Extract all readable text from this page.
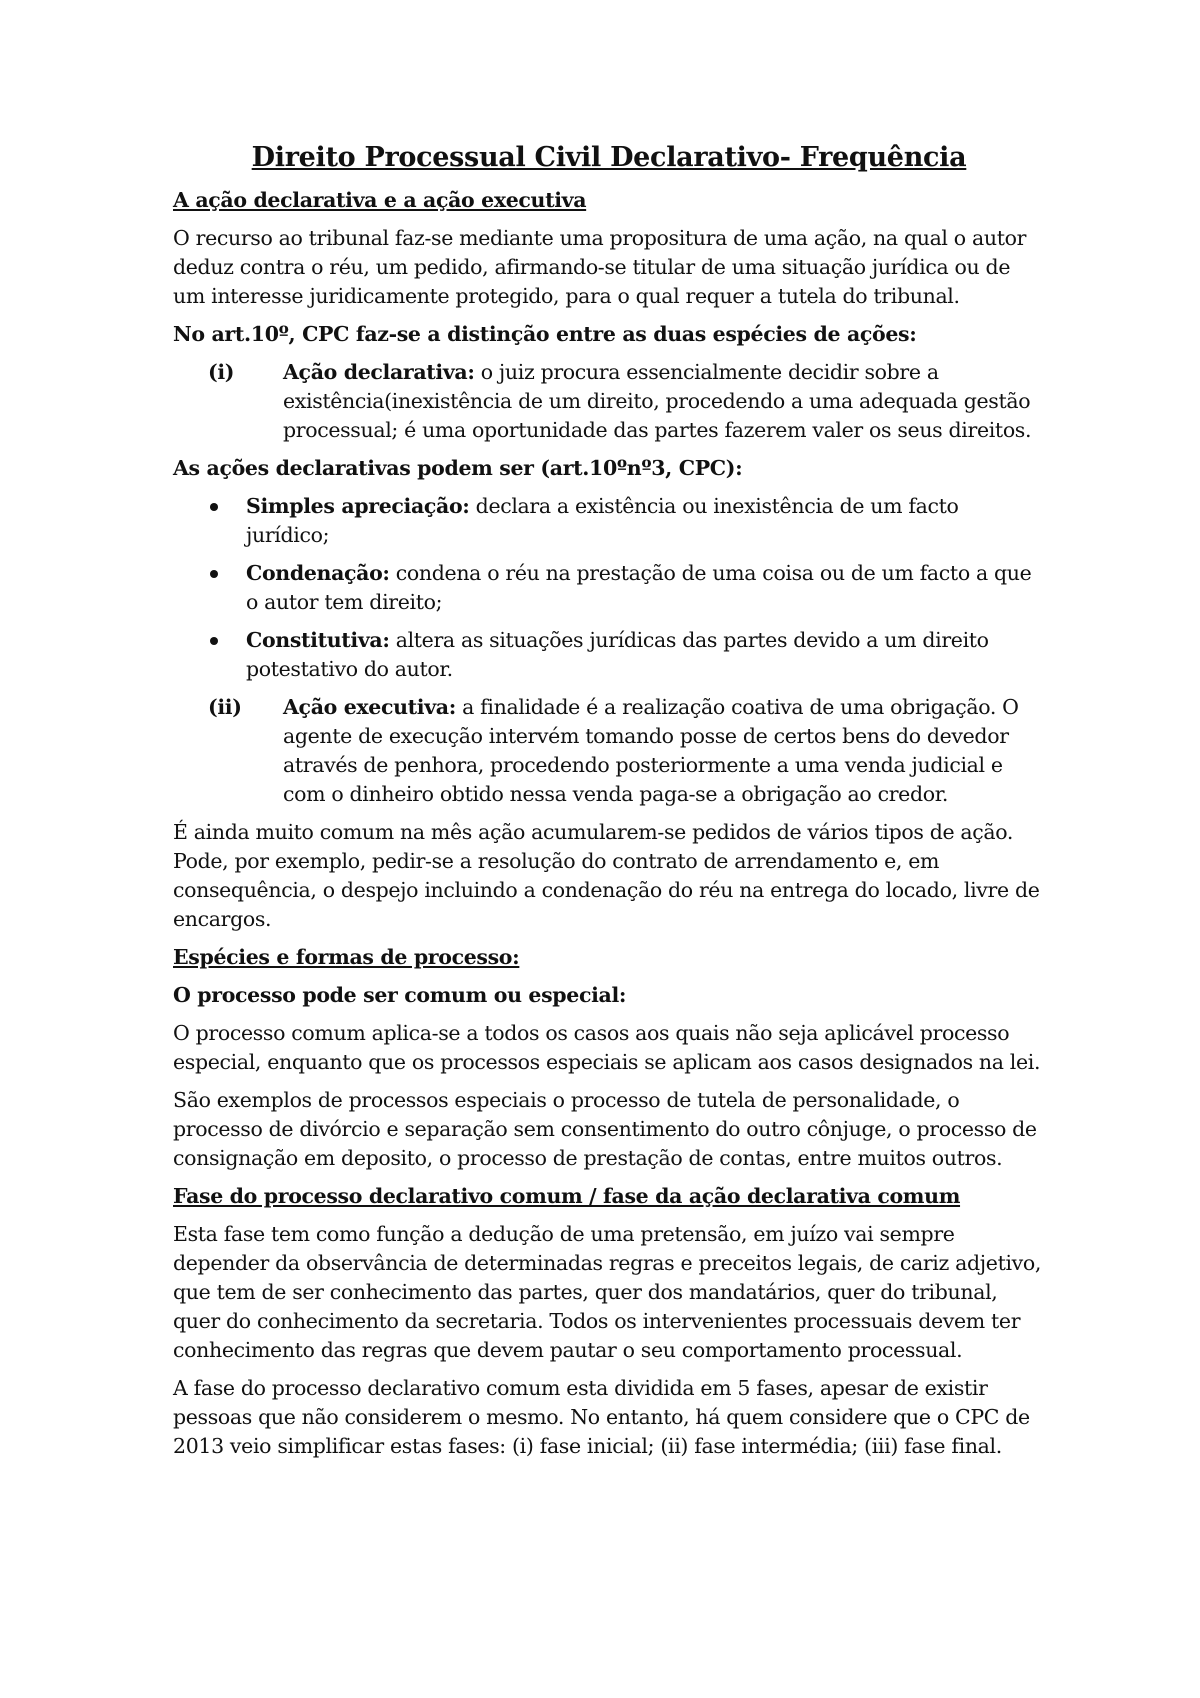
Direito Processual Civil Declarativo- Frequência
A ação declarativa e a ação executiva
O recurso ao tribunal faz-se mediante uma propositura de uma ação, na qual o autor deduz contra o réu, um pedido, afirmando-se titular de uma situação jurídica ou de um interesse juridicamente protegido, para o qual requer a tutela do tribunal.
No art.10º, CPC faz-se a distinção entre as duas espécies de ações:
(i) Ação declarativa: o juiz procura essencialmente decidir sobre a existência(inexistência de um direito, procedendo a uma adequada gestão processual; é uma oportunidade das partes fazerem valer os seus direitos.
As ações declarativas podem ser (art.10ºnº3, CPC):
Simples apreciação: declara a existência ou inexistência de um facto jurídico;
Condenação: condena o réu na prestação de uma coisa ou de um facto a que o autor tem direito;
Constitutiva: altera as situações jurídicas das partes devido a um direito potestativo do autor.
(ii) Ação executiva: a finalidade é a realização coativa de uma obrigação. O agente de execução intervém tomando posse de certos bens do devedor através de penhora, procedendo posteriormente a uma venda judicial e com o dinheiro obtido nessa venda paga-se a obrigação ao credor.
É ainda muito comum na mês ação acumularem-se pedidos de vários tipos de ação. Pode, por exemplo, pedir-se a resolução do contrato de arrendamento e, em consequência, o despejo incluindo a condenação do réu na entrega do locado, livre de encargos.
Espécies e formas de processo:
O processo pode ser comum ou especial:
O processo comum aplica-se a todos os casos aos quais não seja aplicável processo especial, enquanto que os processos especiais se aplicam aos casos designados na lei.
São exemplos de processos especiais o processo de tutela de personalidade, o processo de divórcio e separação sem consentimento do outro cônjuge, o processo de consignação em deposito, o processo de prestação de contas, entre muitos outros.
Fase do processo declarativo comum / fase da ação declarativa comum
Esta fase tem como função a dedução de uma pretensão, em juízo vai sempre depender da observância de determinadas regras e preceitos legais, de cariz adjetivo, que tem de ser conhecimento das partes, quer dos mandatários, quer do tribunal, quer do conhecimento da secretaria. Todos os intervenientes processuais devem ter conhecimento das regras que devem pautar o seu comportamento processual.
A fase do processo declarativo comum esta dividida em 5 fases, apesar de existir pessoas que não considerem o mesmo. No entanto, há quem considere que o CPC de 2013 veio simplificar estas fases: (i) fase inicial; (ii) fase intermédia; (iii) fase final.
